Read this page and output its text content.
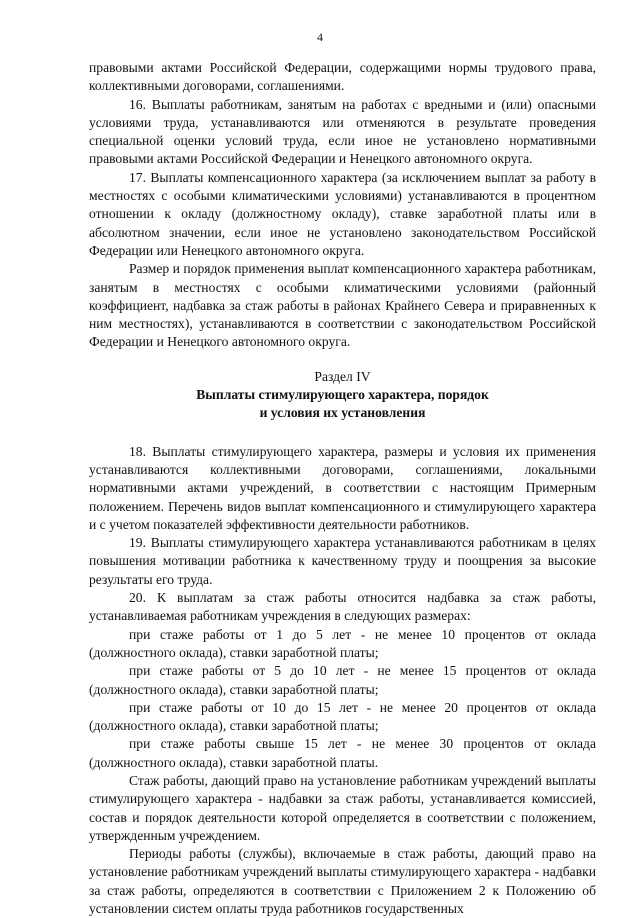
4

правовыми актами Российской Федерации, содержащими нормы трудового права, коллективными договорами, соглашениями.

16. Выплаты работникам, занятым на работах с вредными и (или) опасными условиями труда, устанавливаются или отменяются в результате проведения специальной оценки условий труда, если иное не установлено нормативными правовыми актами Российской Федерации и Ненецкого автономного округа.

17. Выплаты компенсационного характера (за исключением выплат за работу в местностях с особыми климатическими условиями) устанавливаются в процентном отношении к окладу (должностному окладу), ставке заработной платы или в абсолютном значении, если иное не установлено законодательством Российской Федерации или Ненецкого автономного округа.

Размер и порядок применения выплат компенсационного характера работникам, занятым в местностях с особыми климатическими условиями (районный коэффициент, надбавка за стаж работы в районах Крайнего Севера и приравненных к ним местностях), устанавливаются в соответствии с законодательством Российской Федерации и Ненецкого автономного округа.

Раздел IV

Выплаты стимулирующего характера, порядок

и условия их установления

18. Выплаты стимулирующего характера, размеры и условия их применения устанавливаются коллективными договорами, соглашениями, локальными нормативными актами учреждений, в соответствии с настоящим Примерным положением. Перечень видов выплат компенсационного и стимулирующего характера и с учетом показателей эффективности деятельности работников.

19. Выплаты стимулирующего характера устанавливаются работникам в целях повышения мотивации работника к качественному труду и поощрения за высокие результаты его труда.

20. К выплатам за стаж работы относится надбавка за стаж работы, устанавливаемая работникам учреждения в следующих размерах:

при стаже работы от 1 до 5 лет - не менее 10 процентов от оклада (должностного оклада), ставки заработной платы;

при стаже работы от 5 до 10 лет - не менее 15 процентов от оклада (должностного оклада), ставки заработной платы;

при стаже работы от 10 до 15 лет - не менее 20 процентов от оклада (должностного оклада), ставки заработной платы;

при стаже работы свыше 15 лет - не менее 30 процентов от оклада (должностного оклада), ставки заработной платы.

Стаж работы, дающий право на установление работникам учреждений выплаты стимулирующего характера - надбавки за стаж работы, устанавливается комиссией, состав и порядок деятельности которой определяется в соответствии с положением, утвержденным учреждением.

Периоды работы (службы), включаемые в стаж работы, дающий право на установление работникам учреждений выплаты стимулирующего характера - надбавки за стаж работы, определяются в соответствии с Приложением 2 к Положению об установлении систем оплаты труда работников государственных
